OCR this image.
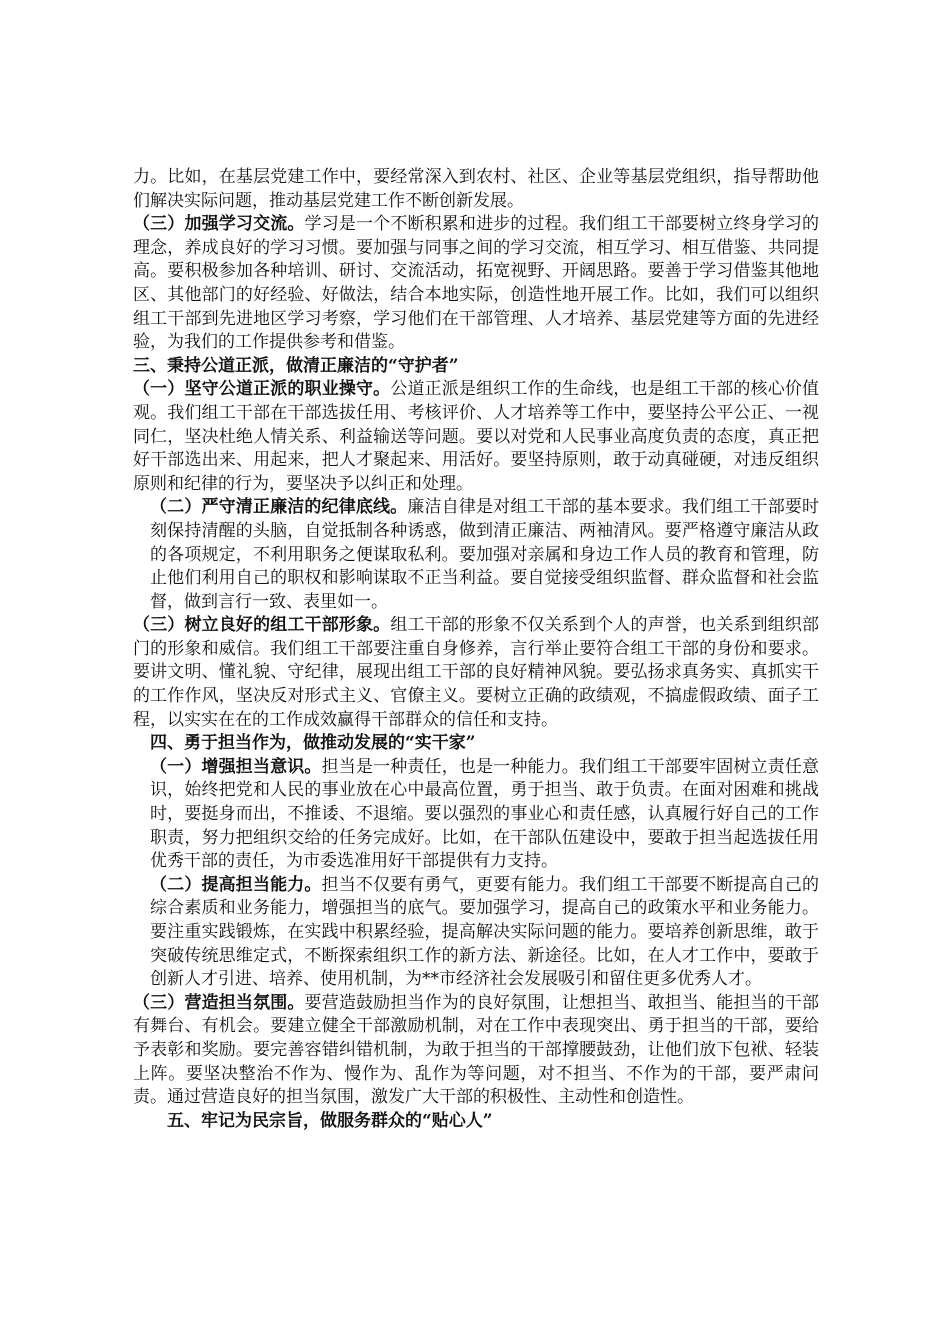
力。比如，在基层党建工作中，要经常深入到农村、社区、企业等基层党组织，指导帮助他们解决实际问题，推动基层党建工作不断创新发展。
（三）加强学习交流。学习是一个不断积累和进步的过程。我们组工干部要树立终身学习的理念，养成良好的学习习惯。要加强与同事之间的学习交流，相互学习、相互借鉴、共同提高。要积极参加各种培训、研讨、交流活动，拓宽视野、开阔思路。要善于学习借鉴其他地区、其他部门的好经验、好做法，结合本地实际，创造性地开展工作。比如，我们可以组织组工干部到先进地区学习考察，学习他们在干部管理、人才培养、基层党建等方面的先进经验，为我们的工作提供参考和借鉴。
三、秉持公道正派，做清正廉洁的“守护者”
（一）坚守公道正派的职业操守。公道正派是组织工作的生命线，也是组工干部的核心价值观。我们组工干部在干部选拔任用、考核评价、人才培养等工作中，要坚持公平公正、一视同仁，坚决杜绝人情关系、利益输送等问题。要以对党和人民事业高度负责的态度，真正把好干部选出来、用起来，把人才聚起来、用活好。要坚持原则，敢于动真碰硬，对违反组织原则和纪律的行为，要坚决予以纠正和处理。
（二）严守清正廉洁的纪律底线。廉洁自律是对组工干部的基本要求。我们组工干部要时刻保持清醒的头脑，自觉抵制各种诱惑，做到清正廉洁、两袖清风。要严格遵守廉洁从政的各项规定，不利用职务之便谋取私利。要加强对亲属和身边工作人员的教育和管理，防止他们利用自己的职权和影响谋取不正当利益。要自觉接受组织监督、群众监督和社会监督，做到言行一致、表里如一。
（三）树立良好的组工干部形象。组工干部的形象不仅关系到个人的声誉，也关系到组织部门的形象和威信。我们组工干部要注重自身修养，言行举止要符合组工干部的身份和要求。要讲文明、懂礼貌、守纪律，展现出组工干部的良好精神风貌。要弘扬求真务实、真抓实干的工作作风，坚决反对形式主义、官僚主义。要树立正确的政绩观，不搞虚假政绩、面子工程，以实实在在的工作成效赢得干部群众的信任和支持。
四、勇于担当作为，做推动发展的“实干家”
（一）增强担当意识。担当是一种责任，也是一种能力。我们组工干部要牢固树立责任意识，始终把党和人民的事业放在心中最高位置，勇于担当、敢于负责。在面对困难和挑战时，要挺身而出，不推诿、不退缩。要以强烈的事业心和责任感，认真履行好自己的工作职责，努力把组织交给的任务完成好。比如，在干部队伍建设中，要敢于担当起选拔任用优秀干部的责任，为市委选准用好干部提供有力支持。
（二）提高担当能力。担当不仅要有勇气，更要有能力。我们组工干部要不断提高自己的综合素质和业务能力，增强担当的底气。要加强学习，提高自己的政策水平和业务能力。要注重实践锻炼，在实践中积累经验，提高解决实际问题的能力。要培养创新思维，敢于突破传统思维定式，不断探索组织工作的新方法、新途径。比如，在人才工作中，要敢于创新人才引进、培养、使用机制，为**市经济社会发展吸引和留住更多优秀人才。
（三）营造担当氛围。要营造鼓励担当作为的良好氛围，让想担当、敢担当、能担当的干部有舞台、有机会。要建立健全干部激励机制，对在工作中表现突出、勇于担当的干部，要给予表彰和奖励。要完善容错纠错机制，为敢于担当的干部撑腰鼓劲，让他们放下包袱、轻装上阵。要坚决整治不作为、慢作为、乱作为等问题，对不担当、不作为的干部，要严肃问责。通过营造良好的担当氛围，激发广大干部的积极性、主动性和创造性。
五、牢记为民宗旨，做服务群众的“贴心人”
